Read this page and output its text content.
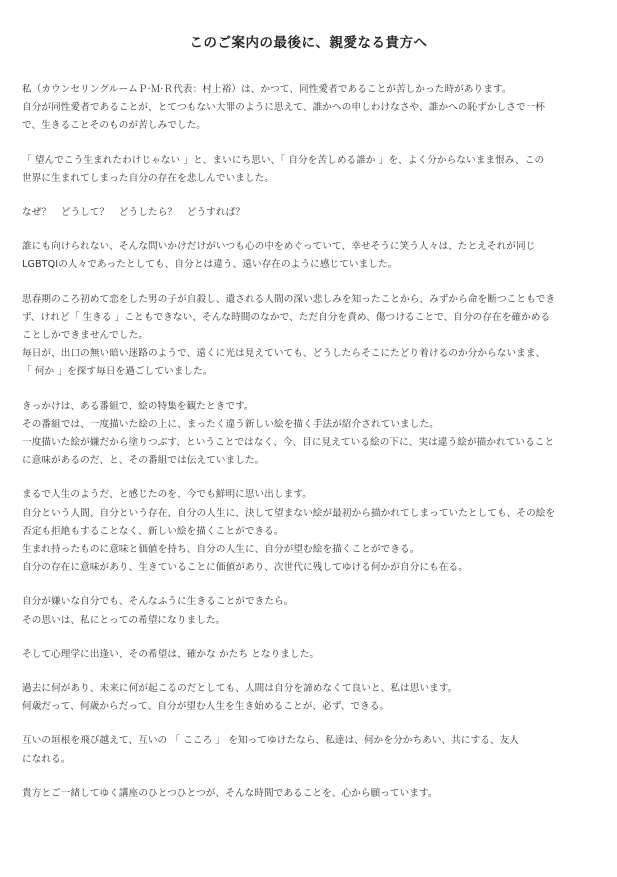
このご案内の最後に、親愛なる貴方へ

私（カウンセリングルームＰ·Ｍ·Ｒ代表：村上裕）は、かつて、同性愛者であることが苦しかった時があります。
自分が同性愛者であることが、とてつもない大罪のように思えて、誰かへの申しわけなさや、誰かへの恥ずかしさで一杯
で、生きることそのものが苦しみでした。

「 望んでこう生まれたわけじゃない 」と、まいにち思い、「 自分を苦しめる誰か 」を、よく分からないまま恨み、この
世界に生まれてしまった自分の存在を悲しんでいました。

なぜ？　どうして？　どうしたら？　どうすれば？

誰にも向けられない、そんな問いかけだけがいつも心の中をめぐっていて、幸せそうに笑う人々は、たとえそれが同じ
LGBTQIの人々であったとしても、自分とは違う、遠い存在のように感じていました。

思春期のころ初めて恋をした男の子が自殺し、遺される人間の深い悲しみを知ったことから、みずから命を断つこともでき
ず、けれど「 生きる 」こともできない、そんな時間のなかで、ただ自分を責め、傷つけることで、自分の存在を確かめる
ことしかできませんでした。
毎日が、出口の無い暗い迷路のようで、遠くに光は見えていても、どうしたらそこにたどり着けるのか分からないまま、
「 何か 」を探す毎日を過ごしていました。

きっかけは、ある番組で、絵の特集を観たときです。
その番組では、一度描いた絵の上に、まったく違う新しい絵を描く手法が紹介されていました。
一度描いた絵が嫌だから塗りつぶす、ということではなく、今、目に見えている絵の下に、実は違う絵が描かれていること
に意味があるのだ、と、その番組では伝えていました。

まるで人生のようだ、と感じたのを、今でも鮮明に思い出します。
自分という人間、自分という存在、自分の人生に、決して望まない絵が最初から描かれてしまっていたとしても、その絵を
否定も拒絶もすることなく、新しい絵を描くことができる。
生まれ持ったものに意味と価値を持ち、自分の人生に、自分が望む絵を描くことができる。
自分の存在に意味があり、生きていることに価値があり、次世代に残してゆける何かが自分にも在る。

自分が嫌いな自分でも、そんなふうに生きることができたら。
その思いは、私にとっての希望になりました。

そして心理学に出逢い、その希望は、確かな かたち となりました。

過去に何があり、未来に何が起こるのだとしても、人間は自分を諦めなくて良いと、私は思います。
何歳だって、何歳からだって、自分が望む人生を生き始めることが、必ず、できる。

互いの垣根を飛び越えて、互いの 「 こころ 」 を知ってゆけたなら、私達は、何かを分かちあい、共にする、友人
になれる。

貴方とご一緒してゆく講座のひとつひとつが、そんな時間であることを、心から願っています。
